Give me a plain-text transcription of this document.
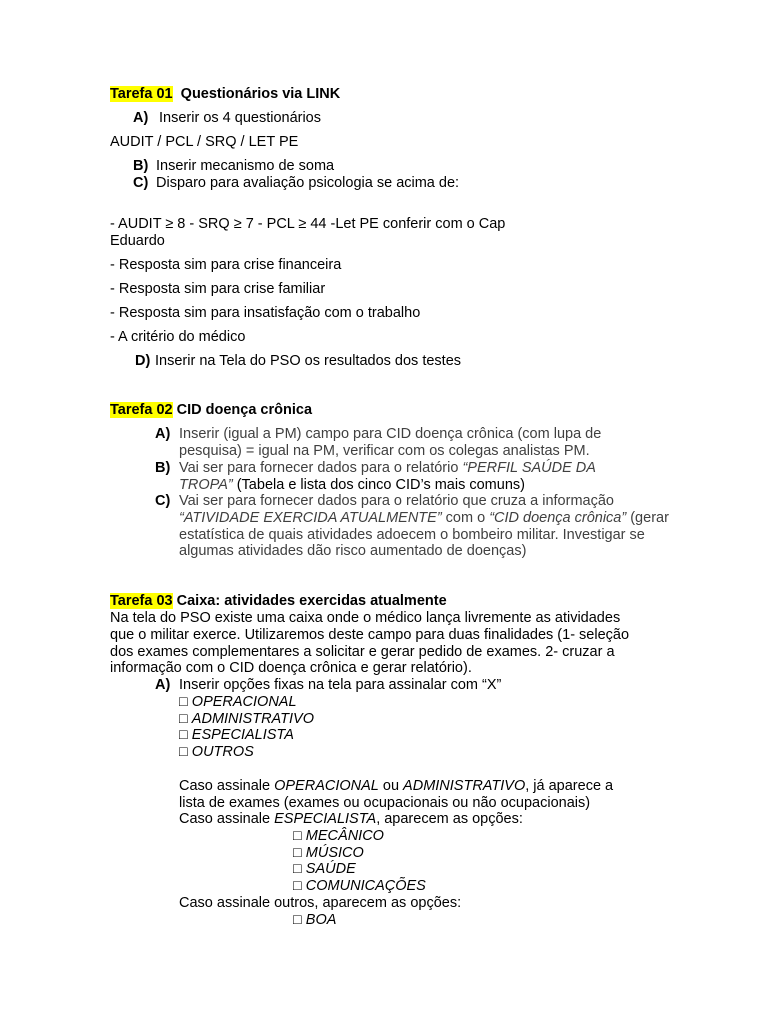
Tarefa 01 Questionários via LINK
A) Inserir os 4 questionários
AUDIT / PCL / SRQ / LET PE
B) Inserir mecanismo de soma
C) Disparo para avaliação psicologia se acima de:
- AUDIT ≥ 8 - SRQ ≥ 7 - PCL ≥ 44 -Let PE conferir com o Cap
Eduardo
- Resposta sim para crise financeira
- Resposta sim para crise familiar
- Resposta sim para insatisfação com o trabalho
- A critério do médico
D) Inserir na Tela do PSO os resultados dos testes
Tarefa 02 CID doença crônica
A) Inserir (igual a PM) campo para CID doença crônica (com lupa de
pesquisa) = igual na PM, verificar com os colegas analistas PM.
B) Vai ser para fornecer dados para o relatório “PERFIL SAÚDE DA
TROPA” (Tabela e lista dos cinco CID’s mais comuns)
C) Vai ser para fornecer dados para o relatório que cruza a informação
“ATIVIDADE EXERCIDA ATUALMENTE” com o “CID doença crônica” (gerar
estatística de quais atividades adoecem o bombeiro militar. Investigar se
algumas atividades dão risco aumentado de doenças)
Tarefa 03 Caixa: atividades exercidas atualmente
Na tela do PSO existe uma caixa onde o médico lança livremente as atividades
que o militar exerce. Utilizaremos deste campo para duas finalidades (1- seleção
dos exames complementares a solicitar e gerar pedido de exames. 2- cruzar a
informação com o CID doença crônica e gerar relatório).
A) Inserir opções fixas na tela para assinalar com “X”
□ OPERACIONAL
□ ADMINISTRATIVO
□ ESPECIALISTA
□ OUTROS
Caso assinale OPERACIONAL ou ADMINISTRATIVO, já aparece a
lista de exames (exames ou ocupacionais ou não ocupacionais)
Caso assinale ESPECIALISTA, aparecem as opções:
□ MECÂNICO
□ MÚSICO
□ SAÚDE
□ COMUNICAÇÕES
Caso assinale outros, aparecem as opções:
□ BOA
